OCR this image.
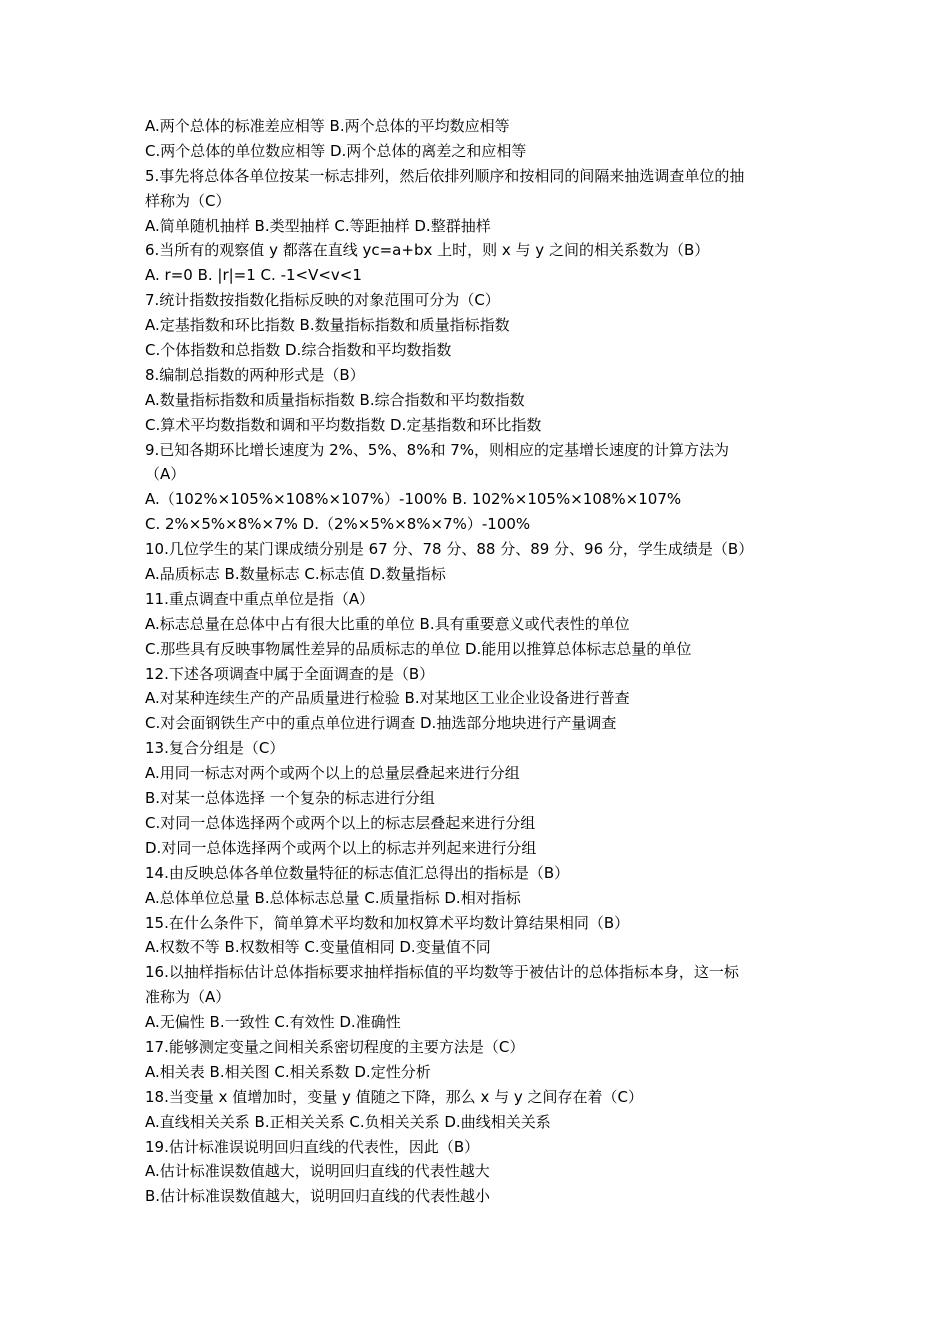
A.两个总体的标准差应相等 B.两个总体的平均数应相等
C.两个总体的单位数应相等 D.两个总体的离差之和应相等
5.事先将总体各单位按某一标志排列，然后依排列顺序和按相同的间隔来抽选调查单位的抽
样称为（C）
A.简单随机抽样 B.类型抽样 C.等距抽样 D.整群抽样
6.当所有的观察值 y 都落在直线 yc=a+bx 上时，则 x 与 y 之间的相关系数为（B）
A. r=0 B. |r|=1 C. -1<V<v<1
7.统计指数按指数化指标反映的对象范围可分为（C）
A.定基指数和环比指数 B.数量指标指数和质量指标指数
C.个体指数和总指数 D.综合指数和平均数指数
8.编制总指数的两种形式是（B）
A.数量指标指数和质量指标指数 B.综合指数和平均数指数
C.算术平均数指数和调和平均数指数 D.定基指数和环比指数
9.已知各期环比增长速度为 2%、5%、8%和 7%，则相应的定基增长速度的计算方法为
（A）
A.（102%×105%×108%×107%）-100% B. 102%×105%×108%×107%
C. 2%×5%×8%×7% D.（2%×5%×8%×7%）-100%
10.几位学生的某门课成绩分别是 67 分、78 分、88 分、89 分、96 分，学生成绩是（B）
A.品质标志 B.数量标志 C.标志值 D.数量指标
11.重点调查中重点单位是指（A）
A.标志总量在总体中占有很大比重的单位 B.具有重要意义或代表性的单位
C.那些具有反映事物属性差异的品质标志的单位 D.能用以推算总体标志总量的单位
12.下述各项调查中属于全面调查的是（B）
A.对某种连续生产的产品质量进行检验 B.对某地区工业企业设备进行普查
C.对会面钢铁生产中的重点单位进行调查 D.抽选部分地块进行产量调查
13.复合分组是（C）
A.用同一标志对两个或两个以上的总量层叠起来进行分组
B.对某一总体选择 一个复杂的标志进行分组
C.对同一总体选择两个或两个以上的标志层叠起来进行分组
D.对同一总体选择两个或两个以上的标志并列起来进行分组
14.由反映总体各单位数量特征的标志值汇总得出的指标是（B）
A.总体单位总量 B.总体标志总量 C.质量指标 D.相对指标
15.在什么条件下，简单算术平均数和加权算术平均数计算结果相同（B）
A.权数不等 B.权数相等 C.变量值相同 D.变量值不同
16.以抽样指标估计总体指标要求抽样指标值的平均数等于被估计的总体指标本身，这一标
准称为（A）
A.无偏性 B.一致性 C.有效性 D.准确性
17.能够测定变量之间相关系密切程度的主要方法是（C）
A.相关表 B.相关图 C.相关系数 D.定性分析
18.当变量 x 值增加时，变量 y 值随之下降，那么 x 与 y 之间存在着（C）
A.直线相关关系 B.正相关关系 C.负相关关系 D.曲线相关关系
19.估计标准误说明回归直线的代表性，因此（B）
A.估计标准误数值越大，说明回归直线的代表性越大
B.估计标准误数值越大，说明回归直线的代表性越小
